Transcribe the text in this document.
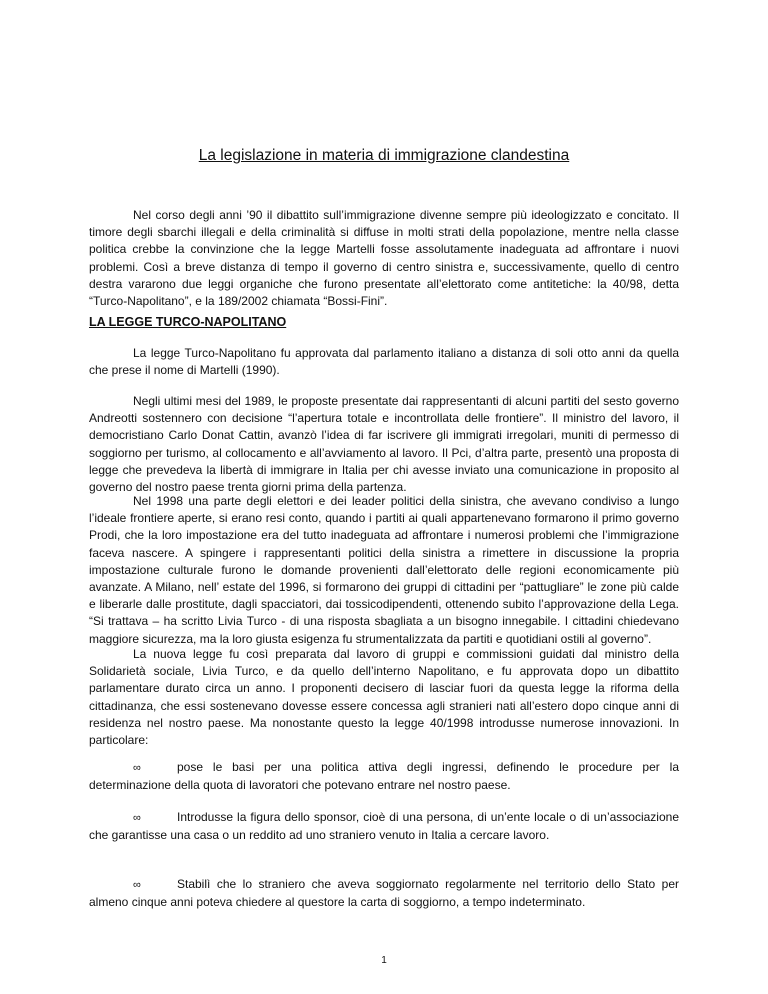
La legislazione in materia di immigrazione clandestina

Nel corso degli anni ’90 il dibattito sull’immigrazione divenne sempre più ideologizzato e concitato. Il timore degli sbarchi illegali e della criminalità si diffuse in molti strati della popolazione, mentre nella classe politica crebbe la convinzione che la legge Martelli fosse assolutamente inadeguata ad affrontare i nuovi problemi. Così a breve distanza di tempo il governo di centro sinistra e, successivamente, quello di centro destra vararono due leggi organiche che furono presentate all’elettorato come antitetiche: la 40/98, detta “Turco-Napolitano”, e la 189/2002 chiamata “Bossi-Fini”.

LA LEGGE TURCO-NAPOLITANO

La legge Turco-Napolitano fu approvata dal parlamento italiano a distanza di soli otto anni da quella che prese il nome di Martelli (1990).

Negli ultimi mesi del 1989, le proposte presentate dai rappresentanti di alcuni partiti del sesto governo Andreotti sostennero con decisione “l’apertura totale e incontrollata delle frontiere”. Il ministro del lavoro, il democristiano Carlo Donat Cattin, avanzò l’idea di far iscrivere gli immigrati irregolari, muniti di permesso di soggiorno per turismo, al collocamento e all’avviamento al lavoro. Il Pci, d’altra parte, presentò una proposta di legge che prevedeva la libertà di immigrare in Italia per chi avesse inviato una comunicazione in proposito al governo del nostro paese trenta giorni prima della partenza.

Nel 1998 una parte degli elettori e dei leader politici della sinistra, che avevano condiviso a lungo l’ideale frontiere aperte, si erano resi conto, quando i partiti ai quali appartenevano formarono il primo governo Prodi, che la loro impostazione era del tutto inadeguata ad affrontare i numerosi problemi che l’immigrazione faceva nascere. A spingere i rappresentanti politici della sinistra a rimettere in discussione la propria impostazione culturale furono le domande provenienti dall’elettorato delle regioni economicamente più avanzate. A Milano, nell’ estate del 1996, si formarono dei gruppi di cittadini per “pattugliare” le zone più calde e liberarle dalle prostitute, dagli spacciatori, dai tossicodipendenti, ottenendo subito l’approvazione della Lega. “Si trattava – ha scritto Livia Turco - di una risposta sbagliata a un bisogno innegabile. I cittadini chiedevano maggiore sicurezza, ma la loro giusta esigenza fu strumentalizzata da partiti e quotidiani ostili al governo”.

La nuova legge fu così preparata dal lavoro di gruppi e commissioni guidati dal ministro della Solidarietà sociale, Livia Turco, e da quello dell’interno Napolitano, e fu approvata dopo un dibattito parlamentare durato circa un anno. I proponenti decisero di lasciar fuori da questa legge la riforma della cittadinanza, che essi sostenevano dovesse essere concessa agli stranieri nati all’estero dopo cinque anni di residenza nel nostro paese. Ma nonostante questo la legge 40/1998 introdusse numerose innovazioni. In particolare:

∞	pose le basi per una politica attiva degli ingressi, definendo le procedure per la determinazione della quota di lavoratori che potevano entrare nel nostro paese.

∞	Introdusse la figura dello sponsor, cioè di una persona, di un’ente locale o di un’associazione che garantisse una casa o un reddito ad uno straniero venuto in Italia a cercare lavoro.

∞	Stabilì che lo straniero che aveva soggiornato regolarmente nel territorio dello Stato per almeno cinque anni poteva chiedere al questore la carta di soggiorno, a tempo indeterminato.

1
